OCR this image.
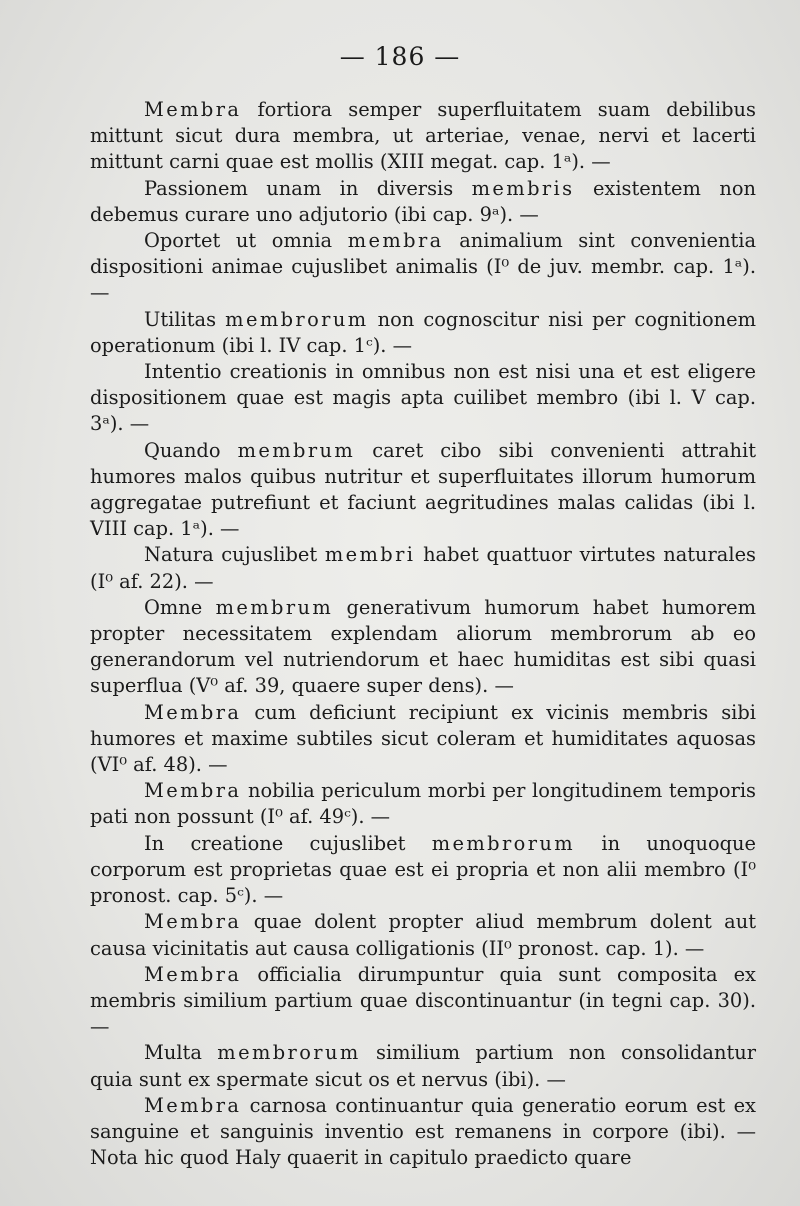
— 186 —

Membra fortiora semper superfluitatem suam debilibus mittunt sicut dura membra, ut arteriae, venae, nervi et lacerti mittunt carni quae est mollis (XIII megat. cap. 1ᵃ). —

Passionem unam in diversis membris existentem non debemus curare uno adjutorio (ibi cap. 9ᵃ). —

Oportet ut omnia membra animalium sint convenientia dispositioni animae cujuslibet animalis (I⁰ de juv. membr. cap. 1ᵃ). —

Utilitas membrorum non cognoscitur nisi per cognitionem operationum (ibi l. IV cap. 1ᶜ). —

Intentio creationis in omnibus non est nisi una et est eligere dispositionem quae est magis apta cuilibet membro (ibi l. V cap. 3ᵃ). —

Quando membrum caret cibo sibi convenienti attrahit humores malos quibus nutritur et superfluitates illorum humorum aggregatae putrefiunt et faciunt aegritudines malas calidas (ibi l. VIII cap. 1ᵃ). —

Natura cujuslibet membri habet quattuor virtutes naturales (I⁰ af. 22). —

Omne membrum generativum humorum habet humorem propter necessitatem explendam aliorum membrorum ab eo generandorum vel nutriendorum et haec humiditas est sibi quasi superflua (V⁰ af. 39, quaere super dens). —

Membra cum deficiunt recipiunt ex vicinis membris sibi humores et maxime subtiles sicut coleram et humiditates aquosas (VI⁰ af. 48). —

Membra nobilia periculum morbi per longitudinem temporis pati non possunt (I⁰ af. 49ᶜ). —

In creatione cujuslibet membrorum in unoquoque corporum est proprietas quae est ei propria et non alii membro (I⁰ pronost. cap. 5ᶜ). —

Membra quae dolent propter aliud membrum dolent aut causa vicinitatis aut causa colligationis (II⁰ pronost. cap. 1). —

Membra officialia dirumpuntur quia sunt composita ex membris similium partium quae discontinuantur (in tegni cap. 30). —

Multa membrorum similium partium non consolidantur quia sunt ex spermate sicut os et nervus (ibi). —

Membra carnosa continuantur quia generatio eorum est ex sanguine et sanguinis inventio est remanens in corpore (ibi). — Nota hic quod Haly quaerit in capitulo praedicto quare
